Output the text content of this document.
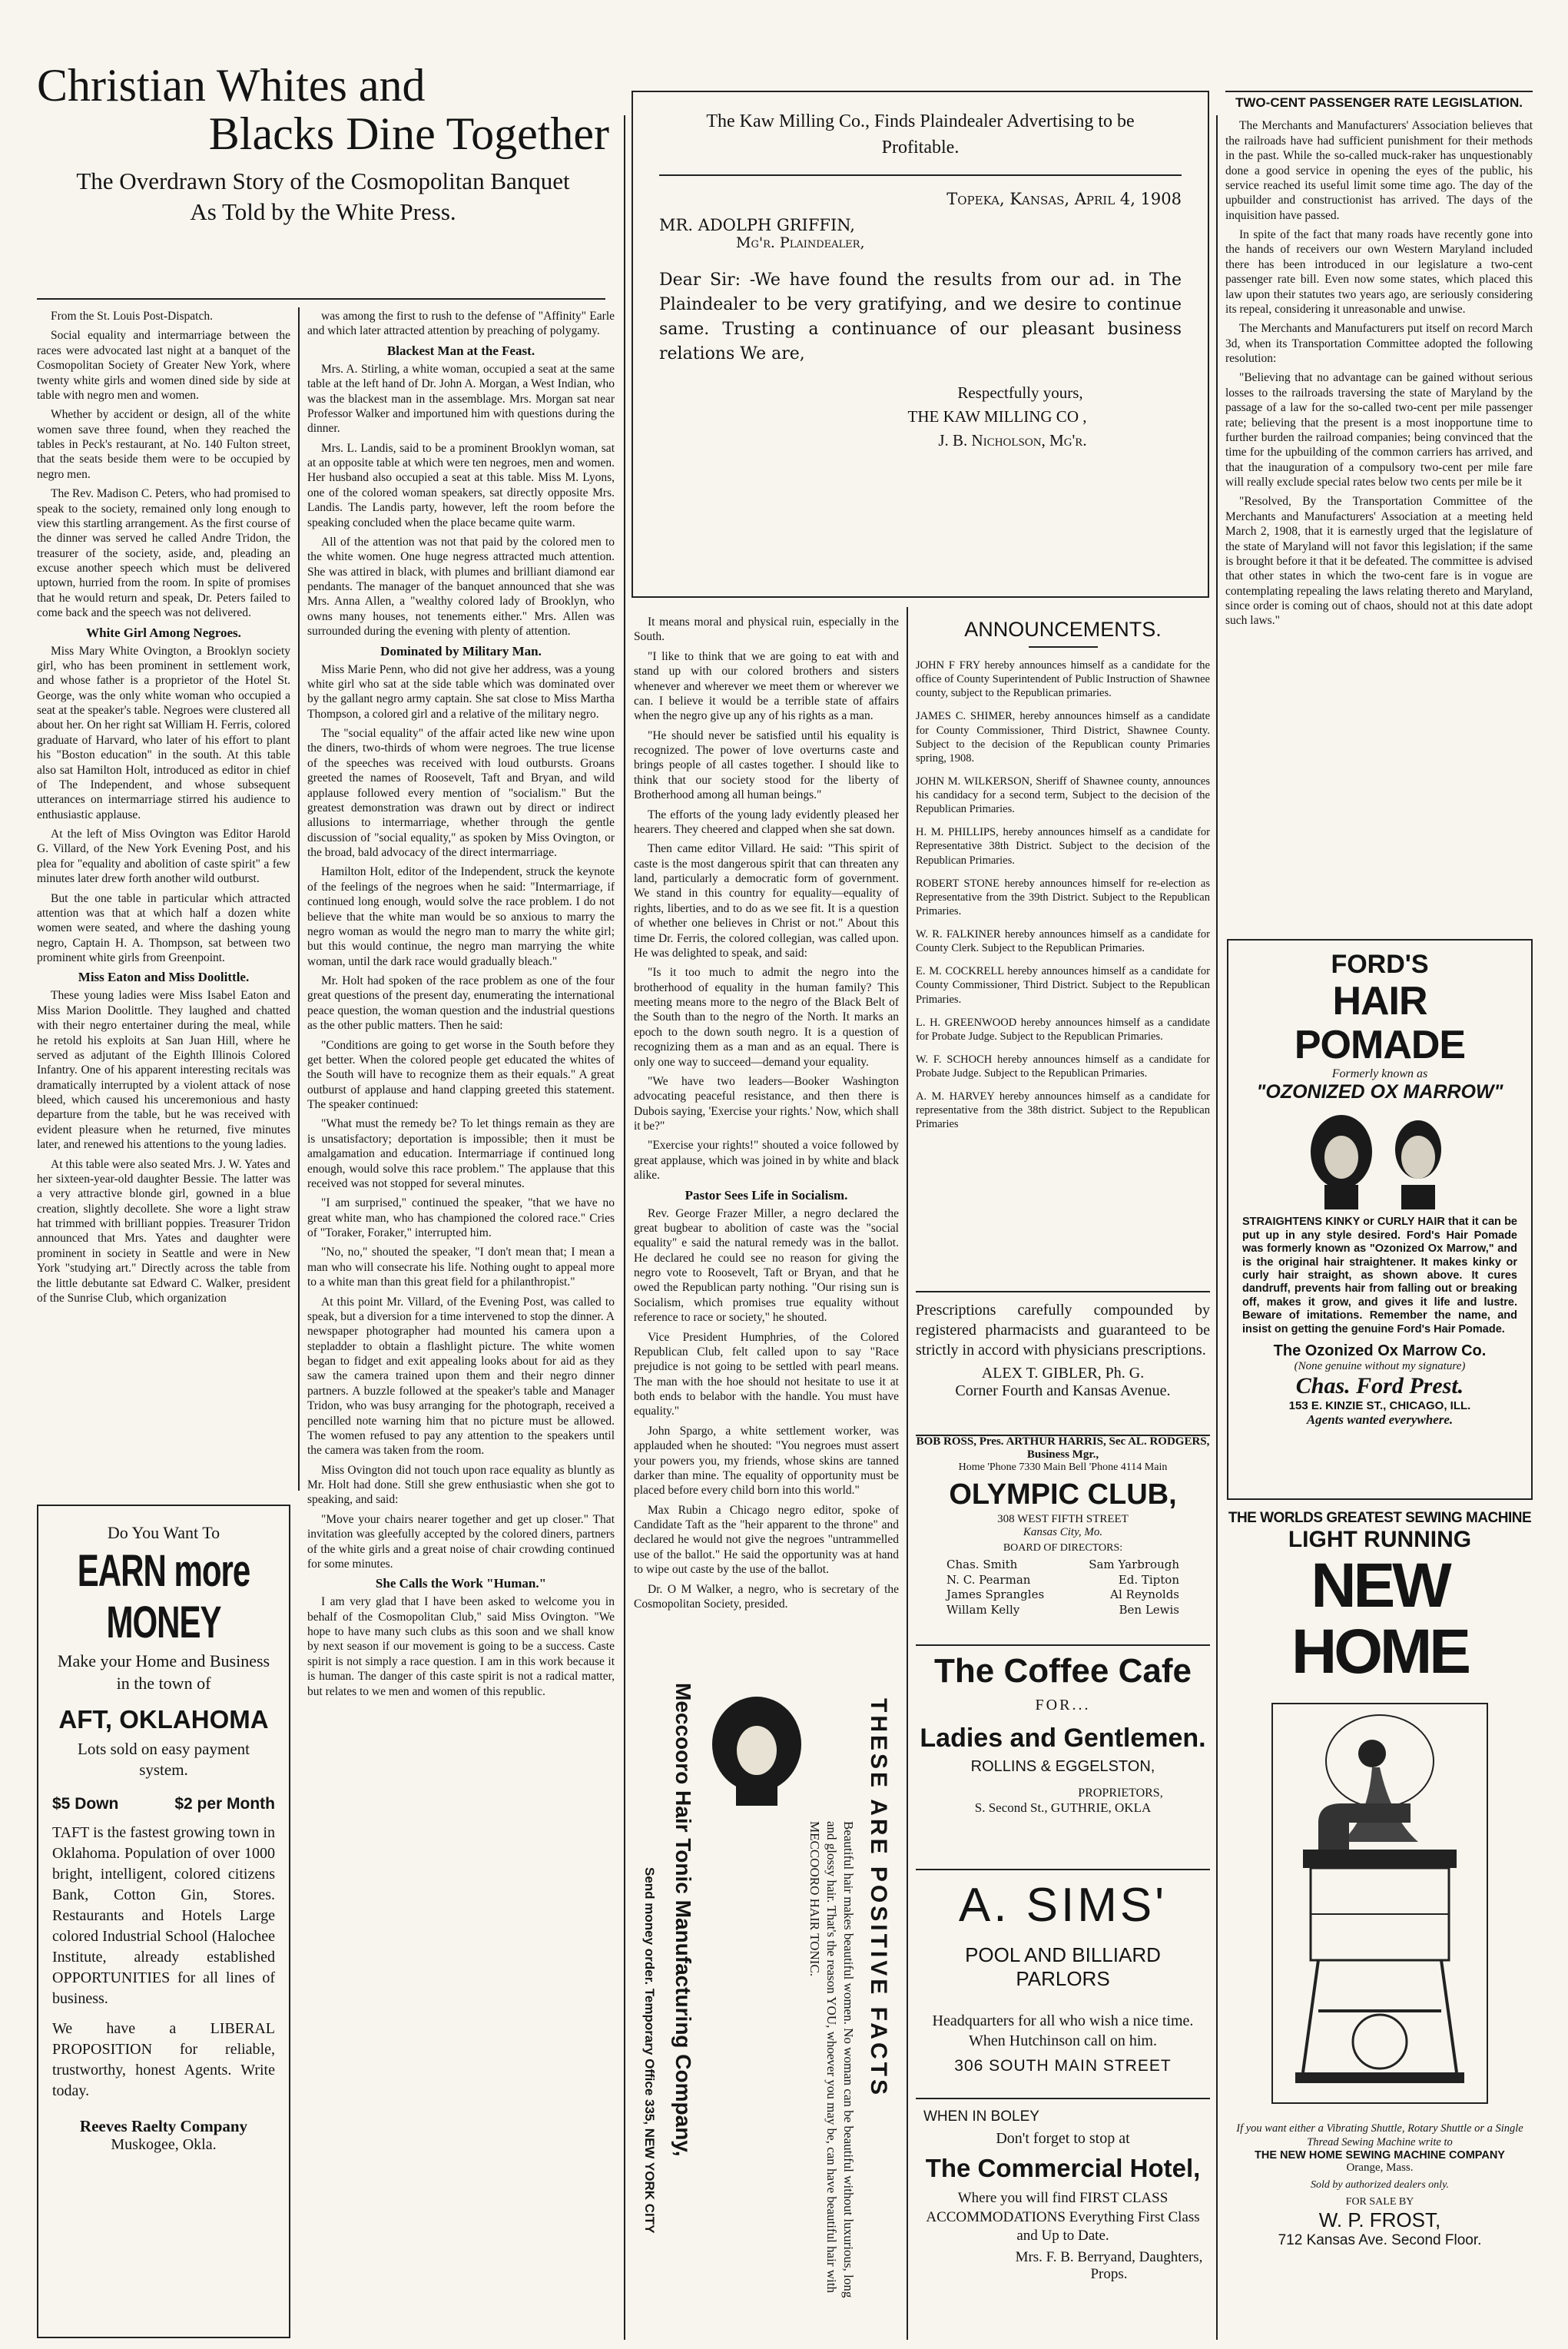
Christian Whites and
Blacks Dine Together

The Overdrawn Story of the Cosmopolitan Banquet

As Told by the White Press.

From the St. Louis Post-Dispatch.

Social equality and intermarriage between the races were advocated last night at a banquet of the Cosmopolitan Society of Greater New York, where twenty white girls and women dined side by side at table with negro men and women.

Whether by accident or design, all of the white women save three found, when they reached the tables in Peck's restaurant, at No. 140 Fulton street, that the seats beside them were to be occupied by negro men.

The Rev. Madison C. Peters, who had promised to speak to the society, remained only long enough to view this startling arrangement. As the first course of the dinner was served he called Andre Tridon, the treasurer of the society, aside, and, pleading an excuse another speech which must be delivered uptown, hurried from the room. In spite of promises that he would return and speak, Dr. Peters failed to come back and the speech was not delivered.

White Girl Among Negroes.

Miss Mary White Ovington, a Brooklyn society girl, who has been prominent in settlement work, and whose father is a proprietor of the Hotel St. George, was the only white woman who occupied a seat at the speaker's table. Negroes were clustered all about her. On her right sat William H. Ferris, colored graduate of Harvard, who later of his effort to plant his "Boston education" in the south. At this table also sat Hamilton Holt, introduced as editor in chief of The Independent, and whose subsequent utterances on intermarriage stirred his audience to enthusiastic applause.

At the left of Miss Ovington was Editor Harold G. Villard, of the New York Evening Post, and his plea for "equality and abolition of caste spirit" a few minutes later drew forth another wild outburst.

But the one table in particular which attracted attention was that at which half a dozen white women were seated, and where the dashing young negro, Captain H. A. Thompson, sat between two prominent white girls from Greenpoint.

Miss Eaton and Miss Doolittle.

These young ladies were Miss Isabel Eaton and Miss Marion Doolittle. They laughed and chatted with their negro entertainer during the meal, while he retold his exploits at San Juan Hill, where he served as adjutant of the Eighth Illinois Colored Infantry. One of his apparent interesting recitals was dramatically interrupted by a violent attack of nose bleed, which caused his unceremonious and hasty departure from the table, but he was received with evident pleasure when he returned, five minutes later, and renewed his attentions to the young ladies.

At this table were also seated Mrs. J. W. Yates and her sixteen-year-old daughter Bessie. The latter was a very attractive blonde girl, gowned in a blue creation, slightly decollete. She wore a light straw hat trimmed with brilliant poppies. Treasurer Tridon announced that Mrs. Yates and daughter were prominent in society in Seattle and were in New York "studying art." Directly across the table from the little debutante sat Edward C. Walker, president of the Sunrise Club, which organization

was among the first to rush to the defense of "Affinity" Earle and which later attracted attention by preaching of polygamy.

Blackest Man at the Feast.

Mrs. A. Stirling, a white woman, occupied a seat at the same table at the left hand of Dr. John A. Morgan, a West Indian, who was the blackest man in the assemblage. Mrs. Morgan sat near Professor Walker and importuned him with questions during the dinner.

Mrs. L. Landis, said to be a prominent Brooklyn woman, sat at an opposite table at which were ten negroes, men and women. Her husband also occupied a seat at this table. Miss M. Lyons, one of the colored woman speakers, sat directly opposite Mrs. Landis. The Landis party, however, left the room before the speaking concluded when the place became quite warm.

All of the attention was not that paid by the colored men to the white women. One huge negress attracted much attention. She was attired in black, with plumes and brilliant diamond ear pendants. The manager of the banquet announced that she was Mrs. Anna Allen, a "wealthy colored lady of Brooklyn, who owns many houses, not tenements either." Mrs. Allen was surrounded during the evening with plenty of attention.

Dominated by Military Man.

Miss Marie Penn, who did not give her address, was a young white girl who sat at the side table which was dominated over by the gallant negro army captain. She sat close to Miss Martha Thompson, a colored girl and a relative of the military negro.

The "social equality" of the affair acted like new wine upon the diners, two-thirds of whom were negroes. The true license of the speeches was received with loud outbursts. Groans greeted the names of Roosevelt, Taft and Bryan, and wild applause followed every mention of "socialism." But the greatest demonstration was drawn out by direct or indirect allusions to intermarriage, whether through the gentle discussion of "social equality," as spoken by Miss Ovington, or the broad, bald advocacy of the direct intermarriage.

Hamilton Holt, editor of the Independent, struck the keynote of the feelings of the negroes when he said: "Intermarriage, if continued long enough, would solve the race problem. I do not believe that the white man would be so anxious to marry the negro woman as would the negro man to marry the white girl; but this would continue, the negro man marrying the white woman, until the dark race would gradually bleach."

Mr. Holt had spoken of the race problem as one of the four great questions of the present day, enumerating the international peace question, the woman question and the industrial questions as the other public matters. Then he said:

"Conditions are going to get worse in the South before they get better. When the colored people get educated the whites of the South will have to recognize them as their equals." A great outburst of applause and hand clapping greeted this statement. The speaker continued:

"What must the remedy be? To let things remain as they are is unsatisfactory; deportation is impossible; then it must be amalgamation and education. Intermarriage if continued long enough, would solve this race problem." The applause that this received was not stopped for several minutes.

"I am surprised," continued the speaker, "that we have no great white man, who has championed the colored race." Cries of "Toraker, Foraker," interrupted him.

"No, no," shouted the speaker, "I don't mean that; I mean a man who will consecrate his life. Nothing ought to appeal more to a white man than this great field for a philanthropist."

At this point Mr. Villard, of the Evening Post, was called to speak, but a diversion for a time intervened to stop the dinner. A newspaper photographer had mounted his camera upon a stepladder to obtain a flashlight picture. The white women began to fidget and exit appealing looks about for aid as they saw the camera trained upon them and their negro dinner partners. A buzzle followed at the speaker's table and Manager Tridon, who was busy arranging for the photograph, received a pencilled note warning him that no picture must be allowed. The women refused to pay any attention to the speakers until the camera was taken from the room.

Miss Ovington did not touch upon race equality as bluntly as Mr. Holt had done. Still she grew enthusiastic when she got to speaking, and said:

"Move your chairs nearer together and get up closer." That invitation was gleefully accepted by the colored diners, partners of the white girls and a great noise of chair crowding continued for some minutes.

She Calls the Work "Human."

I am very glad that I have been asked to welcome you in behalf of the Cosmopolitan Club," said Miss Ovington. "We hope to have many such clubs as this soon and we shall know by next season if our movement is going to be a success. Caste spirit is not simply a race question. I am in this work because it is human. The danger of this caste spirit is not a radical matter, but relates to we men and women of this republic.

It means moral and physical ruin, especially in the South.

"I like to think that we are going to eat with and stand up with our colored brothers and sisters whenever and wherever we meet them or wherever we can. I believe it would be a terrible state of affairs when the negro give up any of his rights as a man.

"He should never be satisfied until his equality is recognized. The power of love overturns caste and brings people of all castes together. I should like to think that our society stood for the liberty of Brotherhood among all human beings."

The efforts of the young lady evidently pleased her hearers. They cheered and clapped when she sat down.

Then came editor Villard. He said: "This spirit of caste is the most dangerous spirit that can threaten any land, particularly a democratic form of government. We stand in this country for equality—equality of rights, liberties, and to do as we see fit. It is a question of whether one believes in Christ or not." About this time Dr. Ferris, the colored collegian, was called upon. He was delighted to speak, and said:

"Is it too much to admit the negro into the brotherhood of equality in the human family? This meeting means more to the negro of the Black Belt of the South than to the negro of the North. It marks an epoch to the down south negro. It is a question of recognizing them as a man and as an equal. There is only one way to succeed—demand your equality.

"We have two leaders—Booker Washington advocating peaceful resistance, and then there is Dubois saying, 'Exercise your rights.' Now, which shall it be?"

"Exercise your rights!" shouted a voice followed by great applause, which was joined in by white and black alike.

Pastor Sees Life in Socialism.

Rev. George Frazer Miller, a negro declared the great bugbear to abolition of caste was the "social equality" e said the natural remedy was in the ballot. He declared he could see no reason for giving the negro vote to Roosevelt, Taft or Bryan, and that he owed the Republican party nothing. "Our rising sun is Socialism, which promises true equality without reference to race or society," he shouted.

Vice President Humphries, of the Colored Republican Club, felt called upon to say "Race prejudice is not going to be settled with pearl means. The man with the hoe should not hesitate to use it at both ends to belabor with the handle. You must have equality."

John Spargo, a white settlement worker, was applauded when he shouted: "You negroes must assert your powers you, my friends, whose skins are tanned darker than mine. The equality of opportunity must be placed before every child born into this world."

Max Rubin a Chicago negro editor, spoke of Candidate Taft as the "heir apparent to the throne" and declared he would not give the negroes "untrammelled use of the ballot." He said the opportunity was at hand to wipe out caste by the use of the ballot.

Dr. O M Walker, a negro, who is secretary of the Cosmopolitan Society, presided.

Do You Want To

EARN more MONEY

Make your Home and Business in the town of

AFT, OKLAHOMA

Lots sold on easy payment system.

$5 Down	$2 per Month

TAFT is the fastest growing town in Oklahoma. Population of over 1000 bright, intelligent, colored citizens Bank, Cotton Gin, Stores. Restaurants and Hotels Large colored Industrial School (Halochee Institute, already established OPPORTUNITIES for all lines of business.

We have a LIBERAL PROPOSITION for reliable, trustworthy, honest Agents. Write today.

Reeves Raelty Company

Muskogee, Okla.

The Kaw Milling Co., Finds Plaindealer Advertising to be Profitable.

Topeka, Kansas, April 4, 1908

MR. ADOLPH GRIFFIN,

Mg'r. Plaindealer,

Dear Sir: -We have found the results from our ad. in The Plaindealer to be very gratifying, and we desire to continue same. Trusting a continuance of our pleasant business relations We are,

Respectfully yours,

THE KAW MILLING CO ,

J. B. Nicholson, Mg'r.

ANNOUNCEMENTS.

JOHN F FRY hereby announces himself as a candidate for the office of County Superintendent of Public Instruction of Shawnee county, subject to the Republican primaries.

JAMES C. SHIMER, hereby announces himself as a candidate for County Commissioner, Third District, Shawnee County. Subject to the decision of the Republican county Primaries spring, 1908.

JOHN M. WILKERSON, Sheriff of Shawnee county, announces his candidacy for a second term, Subject to the decision of the Republican Primaries.

H. M. PHILLIPS, hereby announces himself as a candidate for Representative 38th District. Subject to the decision of the Republican Primaries.

ROBERT STONE hereby announces himself for re-election as Representative from the 39th District. Subject to the Republican Primaries.

W. R. FALKINER hereby announces himself as a candidate for County Clerk. Subject to the Republican Primaries.

E. M. COCKRELL hereby announces himself as a candidate for County Commissioner, Third District. Subject to the Republican Primaries.

L. H. GREENWOOD hereby announces himself as a candidate for Probate Judge. Subject to the Republican Primaries.

W. F. SCHOCH hereby announces himself as a candidate for Probate Judge. Subject to the Republican Primaries.

A. M. HARVEY hereby announces himself as a candidate for representative from the 38th district. Subject to the Republican Primaries

Prescriptions carefully compounded by registered pharmacists and guaranteed to be strictly in accord with physicians prescriptions.

ALEX T. GIBLER, Ph. G.

Corner Fourth and Kansas Avenue.

BOB ROSS, Pres. ARTHUR HARRIS, Sec AL. RODGERS, Business Mgr.,

Home 'Phone 7330 Main Bell 'Phone 4114 Main

OLYMPIC CLUB,

308 WEST FIFTH STREET

Kansas City, Mo.

BOARD OF DIRECTORS:

Chas. Smith	Sam Yarbrough
N. C. Pearman	Ed. Tipton
James Sprangles	Al Reynolds
Willam Kelly	Ben Lewis

The Coffee Cafe

FOR...

Ladies and Gentlemen.

ROLLINS & EGGELSTON,

PROPRIETORS,

S. Second St., GUTHRIE, OKLA

A. SIMS'

POOL AND BILLIARD

PARLORS

Headquarters for all who wish a nice time. When Hutchinson call on him.

306 SOUTH MAIN STREET

WHEN IN BOLEY

Don't forget to stop at

The Commercial Hotel,

Where you will find FIRST CLASS ACCOMMODATIONS Everything First Class and Up to Date.

Mrs. F. B. Berryand, Daughters, Props.

THESE ARE POSITIVE FACTS
Beautiful hair makes beautiful women. No woman can be beautiful without luxurious, long and glossy hair. That's the reason YOU, whoever you may be, can have beautiful hair with MECCOORO HAIR TONIC.
Meccooro Hair Tonic Manufacturing Company,
Send money order. Temporary Office 335, NEW YORK CITY

TWO-CENT PASSENGER RATE LEGISLATION.

The Merchants and Manufacturers' Association believes that the railroads have had sufficient punishment for their methods in the past. While the so-called muck-raker has unquestionably done a good service in opening the eyes of the public, his service reached its useful limit some time ago. The day of the upbuilder and constructionist has arrived. The days of the inquisition have passed.

In spite of the fact that many roads have recently gone into the hands of receivers our own Western Maryland included there has been introduced in our legislature a two-cent passenger rate bill. Even now some states, which placed this law upon their statutes two years ago, are seriously considering its repeal, considering it unreasonable and unwise.

The Merchants and Manufacturers put itself on record March 3d, when its Transportation Committee adopted the following resolution:

"Believing that no advantage can be gained without serious losses to the railroads traversing the state of Maryland by the passage of a law for the so-called two-cent per mile passenger rate; believing that the present is a most inopportune time to further burden the railroad companies; being convinced that the time for the upbuilding of the common carriers has arrived, and that the inauguration of a compulsory two-cent per mile fare will really exclude special rates below two cents per mile be it

"Resolved, By the Transportation Committee of the Merchants and Manufacturers' Association at a meeting held March 2, 1908, that it is earnestly urged that the legislature of the state of Maryland will not favor this legislation; if the same is brought before it that it be defeated. The committee is advised that other states in which the two-cent fare is in vogue are contemplating repealing the laws relating thereto and Maryland, since order is coming out of chaos, should not at this date adopt such laws."

FORD'S

HAIR POMADE

Formerly known as

"OZONIZED OX MARROW"

STRAIGHTENS KINKY or CURLY HAIR that it can be put up in any style desired. Ford's Hair Pomade was formerly known as "Ozonized Ox Marrow," and is the original hair straightener. It makes kinky or curly hair straight, as shown above. It cures dandruff, prevents hair from falling out or breaking off, makes it grow, and gives it life and lustre. Beware of imitations. Remember the name, and insist on getting the genuine Ford's Hair Pomade.

The Ozonized Ox Marrow Co.

(None genuine without my signature)

Chas. Ford Prest.

153 E. KINZIE ST., CHICAGO, ILL.

Agents wanted everywhere.

THE WORLDS GREATEST SEWING MACHINE

LIGHT RUNNING

NEW HOME

If you want either a Vibrating Shuttle, Rotary Shuttle or a Single Thread Sewing Machine write to

THE NEW HOME SEWING MACHINE COMPANY

Orange, Mass.

Sold by authorized dealers only.

FOR SALE BY

W. P. FROST,

712 Kansas Ave. Second Floor.
